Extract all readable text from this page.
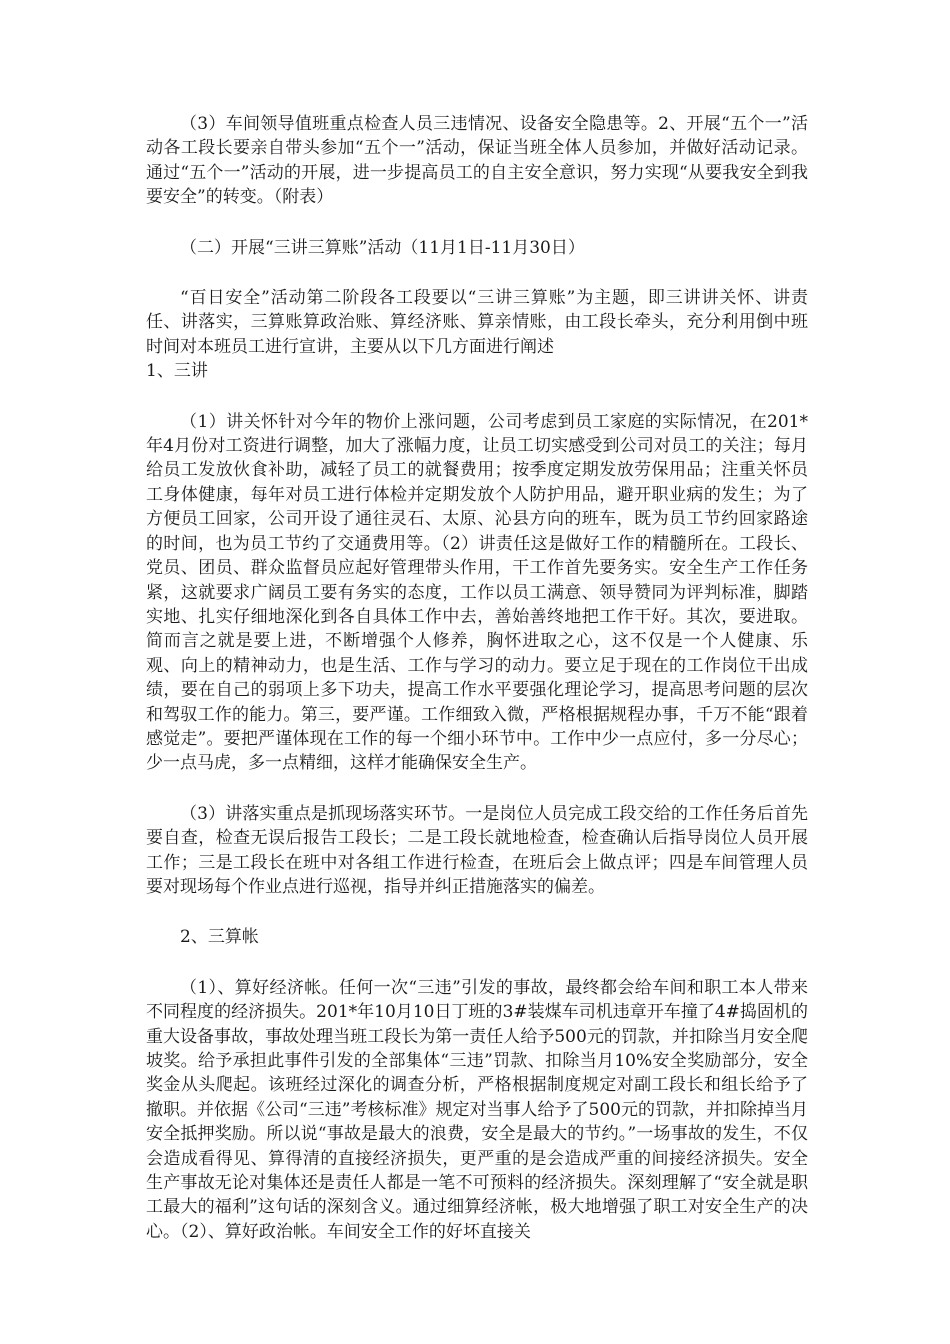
（3）车间领导值班重点检查人员三违情况、设备安全隐患等。2、开展“五个一”活动各工段长要亲自带头参加“五个一”活动，保证当班全体人员参加，并做好活动记录。通过“五个一”活动的开展，进一步提高员工的自主安全意识，努力实现“从要我安全到我要安全”的转变。（附表）

（二）开展“三讲三算账”活动（11月1日-11月30日）

“百日安全”活动第二阶段各工段要以“三讲三算账”为主题，即三讲讲关怀、讲责任、讲落实，三算账算政治账、算经济账、算亲情账，由工段长牵头，充分利用倒中班时间对本班员工进行宣讲，主要从以下几方面进行阐述

1、三讲

（1）讲关怀针对今年的物价上涨问题，公司考虑到员工家庭的实际情况，在201*年4月份对工资进行调整，加大了涨幅力度，让员工切实感受到公司对员工的关注；每月给员工发放伙食补助，减轻了员工的就餐费用；按季度定期发放劳保用品；注重关怀员工身体健康，每年对员工进行体检并定期发放个人防护用品，避开职业病的发生；为了方便员工回家，公司开设了通往灵石、太原、沁县方向的班车，既为员工节约回家路途的时间，也为员工节约了交通费用等。（2）讲责任这是做好工作的精髓所在。工段长、党员、团员、群众监督员应起好管理带头作用，干工作首先要务实。安全生产工作任务紧，这就要求广阔员工要有务实的态度，工作以员工满意、领导赞同为评判标准，脚踏实地、扎实仔细地深化到各自具体工作中去，善始善终地把工作干好。其次，要进取。简而言之就是要上进，不断增强个人修养，胸怀进取之心，这不仅是一个人健康、乐观、向上的精神动力，也是生活、工作与学习的动力。要立足于现在的工作岗位干出成绩，要在自己的弱项上多下功夫，提高工作水平要强化理论学习，提高思考问题的层次和驾驭工作的能力。第三，要严谨。工作细致入微，严格根据规程办事，千万不能“跟着感觉走”。要把严谨体现在工作的每一个细小环节中。工作中少一点应付，多一分尽心；少一点马虎，多一点精细，这样才能确保安全生产。

（3）讲落实重点是抓现场落实环节。一是岗位人员完成工段交给的工作任务后首先要自查，检查无误后报告工段长；二是工段长就地检查，检查确认后指导岗位人员开展工作；三是工段长在班中对各组工作进行检查，在班后会上做点评；四是车间管理人员要对现场每个作业点进行巡视，指导并纠正措施落实的偏差。

2、三算帐

（1）、算好经济帐。任何一次“三违”引发的事故，最终都会给车间和职工本人带来不同程度的经济损失。201*年10月10日丁班的3#装煤车司机违章开车撞了4#捣固机的重大设备事故，事故处理当班工段长为第一责任人给予500元的罚款，并扣除当月安全爬坡奖。给予承担此事件引发的全部集体“三违”罚款、扣除当月10%安全奖励部分，安全奖金从头爬起。该班经过深化的调查分析，严格根据制度规定对副工段长和组长给予了撤职。并依据《公司“三违”考核标准》规定对当事人给予了500元的罚款，并扣除掉当月安全抵押奖励。所以说“事故是最大的浪费，安全是最大的节约。”一场事故的发生，不仅会造成看得见、算得清的直接经济损失，更严重的是会造成严重的间接经济损失。安全生产事故无论对集体还是责任人都是一笔不可预料的经济损失。深刻理解了“安全就是职工最大的福利”这句话的深刻含义。通过细算经济帐，极大地增强了职工对安全生产的决心。（2）、算好政治帐。车间安全工作的好坏直接关
